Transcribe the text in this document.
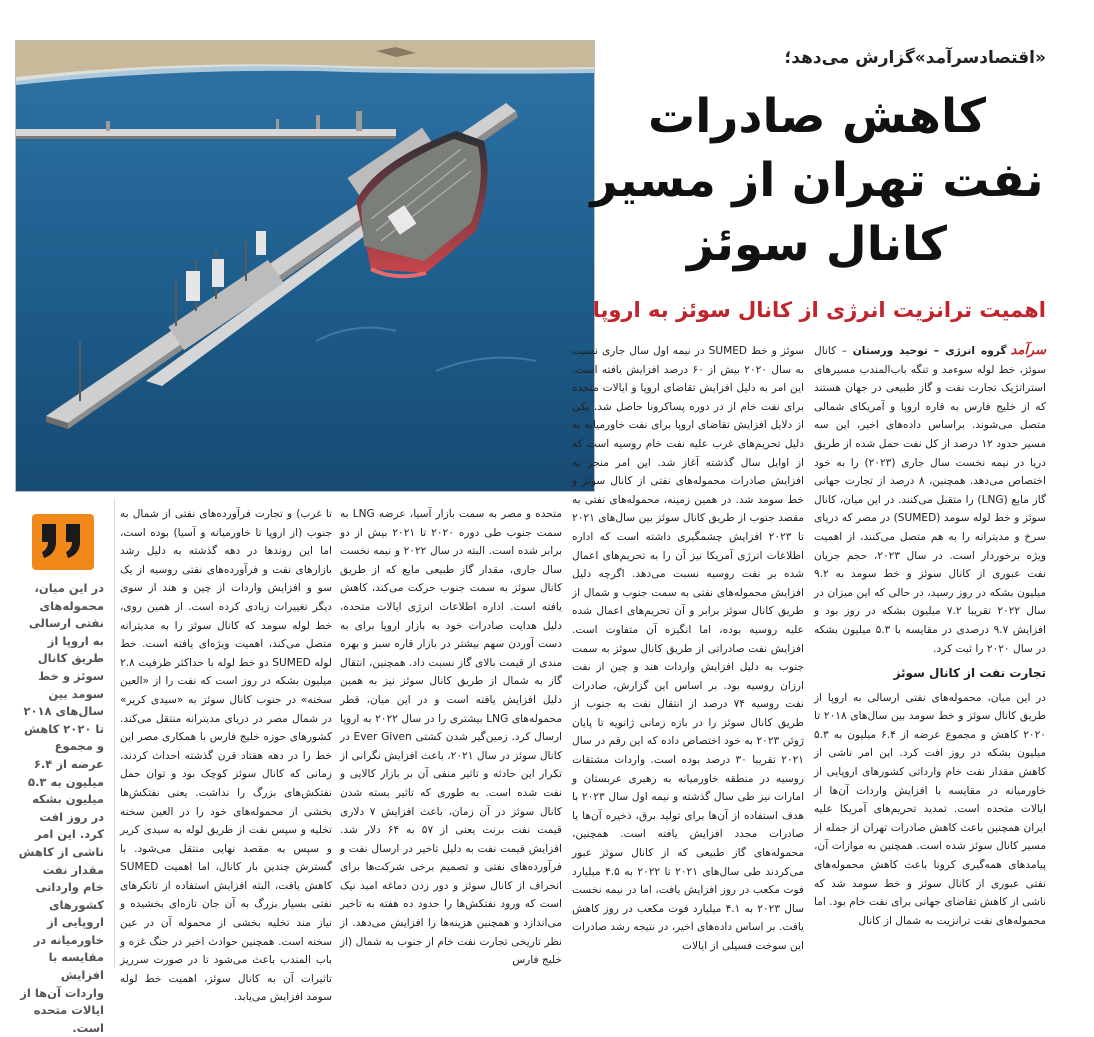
«اقتصادسرآمد»گزارش می‌دهد؛
کاهش صادرات
نفت تهران از مسیر
کانال سوئز
اهمیت ترانزیت انرژی از کانال سوئز به اروپا

سرآمد
گروه انرژی – توحید ورستان – کانال سوئز، خط لوله سوءمد و تنگه باب‌المندب مسیرهای استراتژیک تجارت نفت و گاز طبیعی در جهان هستند که از خلیج فارس به قاره اروپا و آمریکای شمالی متصل می‌شوند. براساس داده‌های اخیر، این سه مسیر حدود ۱۲ درصد از کل نفت حمل شده از طریق دریا در نیمه نخست سال جاری (۲۰۲۳) را به خود اختصاص می‌دهد. همچنین، ۸ درصد از تجارت جهانی گاز مایع (LNG) را متقبل می‌کنند. در این میان، کانال سوئز و خط لوله سومد (SUMED) در مصر که دریای سرخ و مدیترانه را به هم متصل می‌کنند، از اهمیت ویژه برخوردار است. در سال ۲۰۲۳، حجم جریان نفت عبوری از کانال سوئز و خط سومد به ۹.۲ میلیون بشکه در روز رسید، در حالی که این میزان در سال ۲۰۲۲ تقریبا ۷.۲ میلیون بشکه در روز بود و افزایش ۹.۷ درصدی در مقایسه با ۵.۳ میلیون بشکه در سال ۲۰۲۰ را ثبت کرد.

تجارت نفت از کانال سوئز

در این میان، محموله‌های نفتی ارسالی به اروپا از طریق کانال سوئز و خط سومد بین سال‌های ۲۰۱۸ تا ۲۰۲۰ کاهش و مجموع عرضه از ۶.۴ میلیون به ۵.۳ میلیون بشکه در روز افت کرد. این امر ناشی از کاهش مقدار نفت خام وارداتی کشورهای اروپایی از خاورمیانه در مقایسه با افزایش واردات آن‌ها از ایالات متحده است. تمدید تحریم‌های آمریکا علیه ایران همچنین باعث کاهش صادرات تهران از جمله از مسیر کانال سوئز شده است. همچنین به موازات آن، پیامدهای همه‌گیری کرونا باعث کاهش محموله‌های نفتی عبوری از کانال سوئز و خط سومد شد که ناشی از کاهش تقاضای جهانی برای نفت خام بود. اما محموله‌های نفت ترانزیت به شمال از کانال

سوئز و خط SUMED در نیمه اول سال جاری نسبت به سال ۲۰۲۰ بیش از ۶۰ درصد افزایش یافته است. این امر به دلیل افزایش تقاضای اروپا و ایالات متحده برای نفت خام از در دوره پساکرونا حاصل شد. یکی از دلایل افزایش تقاضای اروپا برای نفت خاورمیانه به دلیل تحریم‌های غرب علیه نفت خام روسیه است که از اوایل سال گذشته آغاز شد. این امر منجر به افزایش صادرات محموله‌های نفتی از کانال سوئز و خط سومد شد. در همین زمینه، محموله‌های نفتی به مقصد جنوب از طریق کانال سوئز بین سال‌های ۲۰۲۱ تا ۲۰۲۳ افزایش چشمگیری داشته است که اداره اطلاعات انرژی آمریکا نیز آن را به تحریم‌های اعمال شده بر نفت روسیه نسبت می‌دهد. اگرچه دلیل افزایش محموله‌های نفتی به سمت جنوب و شمال از طریق کانال سوئز برابر و آن تحریم‌های اعمال شده علیه روسیه بوده، اما انگیزه آن متفاوت است. افزایش نفت صادراتی از طریق کانال سوئز به سمت جنوب به دلیل افزایش واردات هند و چین از نفت ارزان روسیه بود. بر اساس این گزارش، صادرات نفت روسیه ۷۴ درصد از انتقال نفت به جنوب از طریق کانال سوئز را در بازه زمانی ژانویه تا پایان ژوئن ۲۰۲۳ به خود اختصاص داده که این رقم در سال ۲۰۲۱ تقریبا ۳۰ درصد بوده است. واردات مشتقات روسیه در منطقه خاورمیانه به رهبری عربستان و امارات نیز طی سال گذشته و نیمه اول سال ۲۰۲۳ با هدف استفاده از آن‌ها برای تولید برق، ذخیره آن‌ها یا صادرات مجدد افزایش یافته است. همچنین، محموله‌های گاز طبیعی که از کانال سوئز عبور می‌کردند طی سال‌های ۲۰۲۱ تا ۲۰۲۲ به ۴.۵ میلیارد فوت مکعب در روز افزایش یافت، اما در نیمه نخست سال ۲۰۲۳ به ۴.۱ میلیارد فوت مکعب در روز کاهش یافت. بر اساس داده‌های اخیر، در نتیجه رشد صادرات این سوخت فسیلی از ایالات

متحده و مصر به سمت بازار آسیا، عرضه LNG به سمت جنوب طی دوره ۲۰۲۰ تا ۲۰۲۱ بیش از دو برابر شده است. البته در سال ۲۰۲۲ و نیمه نخست سال جاری، مقدار گاز طبیعی مایع که از طریق کانال سوئز به سمت جنوب حرکت می‌کند، کاهش یافته است. اداره اطلاعات انرژی ایالات متحده، دلیل هدایت صادرات خود به بازار اروپا برای به دست آوردن سهم بیشتر در بازار قاره سبز و بهره مندی از قیمت بالای گاز نسبت داد. همچنین، انتقال گاز به شمال از طریق کانال سوئز نیز به همین دلیل افزایش یافته است و در این میان، قطر محموله‌های LNG بیشتری را در سال ۲۰۲۲ به اروپا ارسال کرد. زمین‌گیر شدن کشتی Ever Given در کانال سوئز در سال ۲۰۲۱، باعث افزایش نگرانی از تکرار این حادثه و تاثیر منفی آن بر بازار کالایی و نفت شده است. به طوری که تاثیر بسته شدن کانال سوئز در آن زمان، باعث افزایش ۷ دلاری قیمت نفت برنت یعنی از ۵۷ به ۶۴ دلار شد. افزایش قیمت نفت به دلیل تاخیر در ارسال نفت و فرآورده‌های نفتی و تصمیم برخی شرکت‌ها برای انحراف از کانال سوئز و دور زدن دماغه امید نیک است که ورود نفتکش‌ها را حدود ده هفته به تاخیر می‌اندازد و همچنین هزینه‌ها را افزایش می‌دهد. از نظر تاریخی تجارت نفت خام از جنوب به شمال (از خلیج فارس

تا غرب) و تجارت فرآورده‌های نفتی از شمال به جنوب (از اروپا تا خاورمیانه و آسیا) بوده است، اما این روندها در دهه گذشته به دلیل رشد بازارهای نفت و فرآورده‌های نفتی روسیه از یک سو و افزایش واردات از چین و هند از سوی دیگر تغییرات زیادی کرده است. از همین روی، خط لوله سومد که کانال سوئز را به مدیترانه متصل می‌کند، اهمیت ویژه‌ای یافته است. خط لوله SUMED دو خط لوله با حداکثر ظرفیت ۲.۸ میلیون بشکه در روز است که نفت را از «العین سخنه» در جنوب کانال سوئز به «سیدی کریر» در شمال مصر در دریای مدیترانه منتقل می‌کند. کشورهای حوزه خلیج فارس با همکاری مصر این خط را در دهه هفتاد قرن گذشته احداث کردند، زمانی که کانال سوئز کوچک بود و توان حمل نفتکش‌های بزرگ را نداشت. یعنی نفتکش‌ها بخشی از محموله‌های خود را در العین سخنه تخلیه و سپس نفت از طریق لوله به سیدی کریر و سپس به مقصد نهایی منتقل می‌شود. با گسترش چندین بار کانال، اما اهمیت SUMED کاهش یافت، البته افزایش استفاده از تانکرهای نفتی بسیار بزرگ به آن جان تازه‌ای بخشیده و نیاز مند تخلیه بخشی از محموله آن در عین سخنه است. همچنین حوادث اخیر در جنگ غزه و باب المندب باعث می‌شود تا در صورت سرریز تاثیرات آن به کانال سوئز، اهمیت خط لوله سومد افزایش می‌یابد.

در این میان، محموله‌های نفتی ارسالی به اروپا از طریق کانال سوئز و خط سومد بین سال‌های ۲۰۱۸ تا ۲۰۲۰ کاهش و مجموع عرضه از ۶.۴ میلیون به ۵.۳ میلیون بشکه در روز افت کرد. این امر ناشی از کاهش مقدار نفت خام وارداتی کشورهای اروپایی از خاورمیانه در مقایسه با افزایش واردات آن‌ها از ایالات متحده است.
